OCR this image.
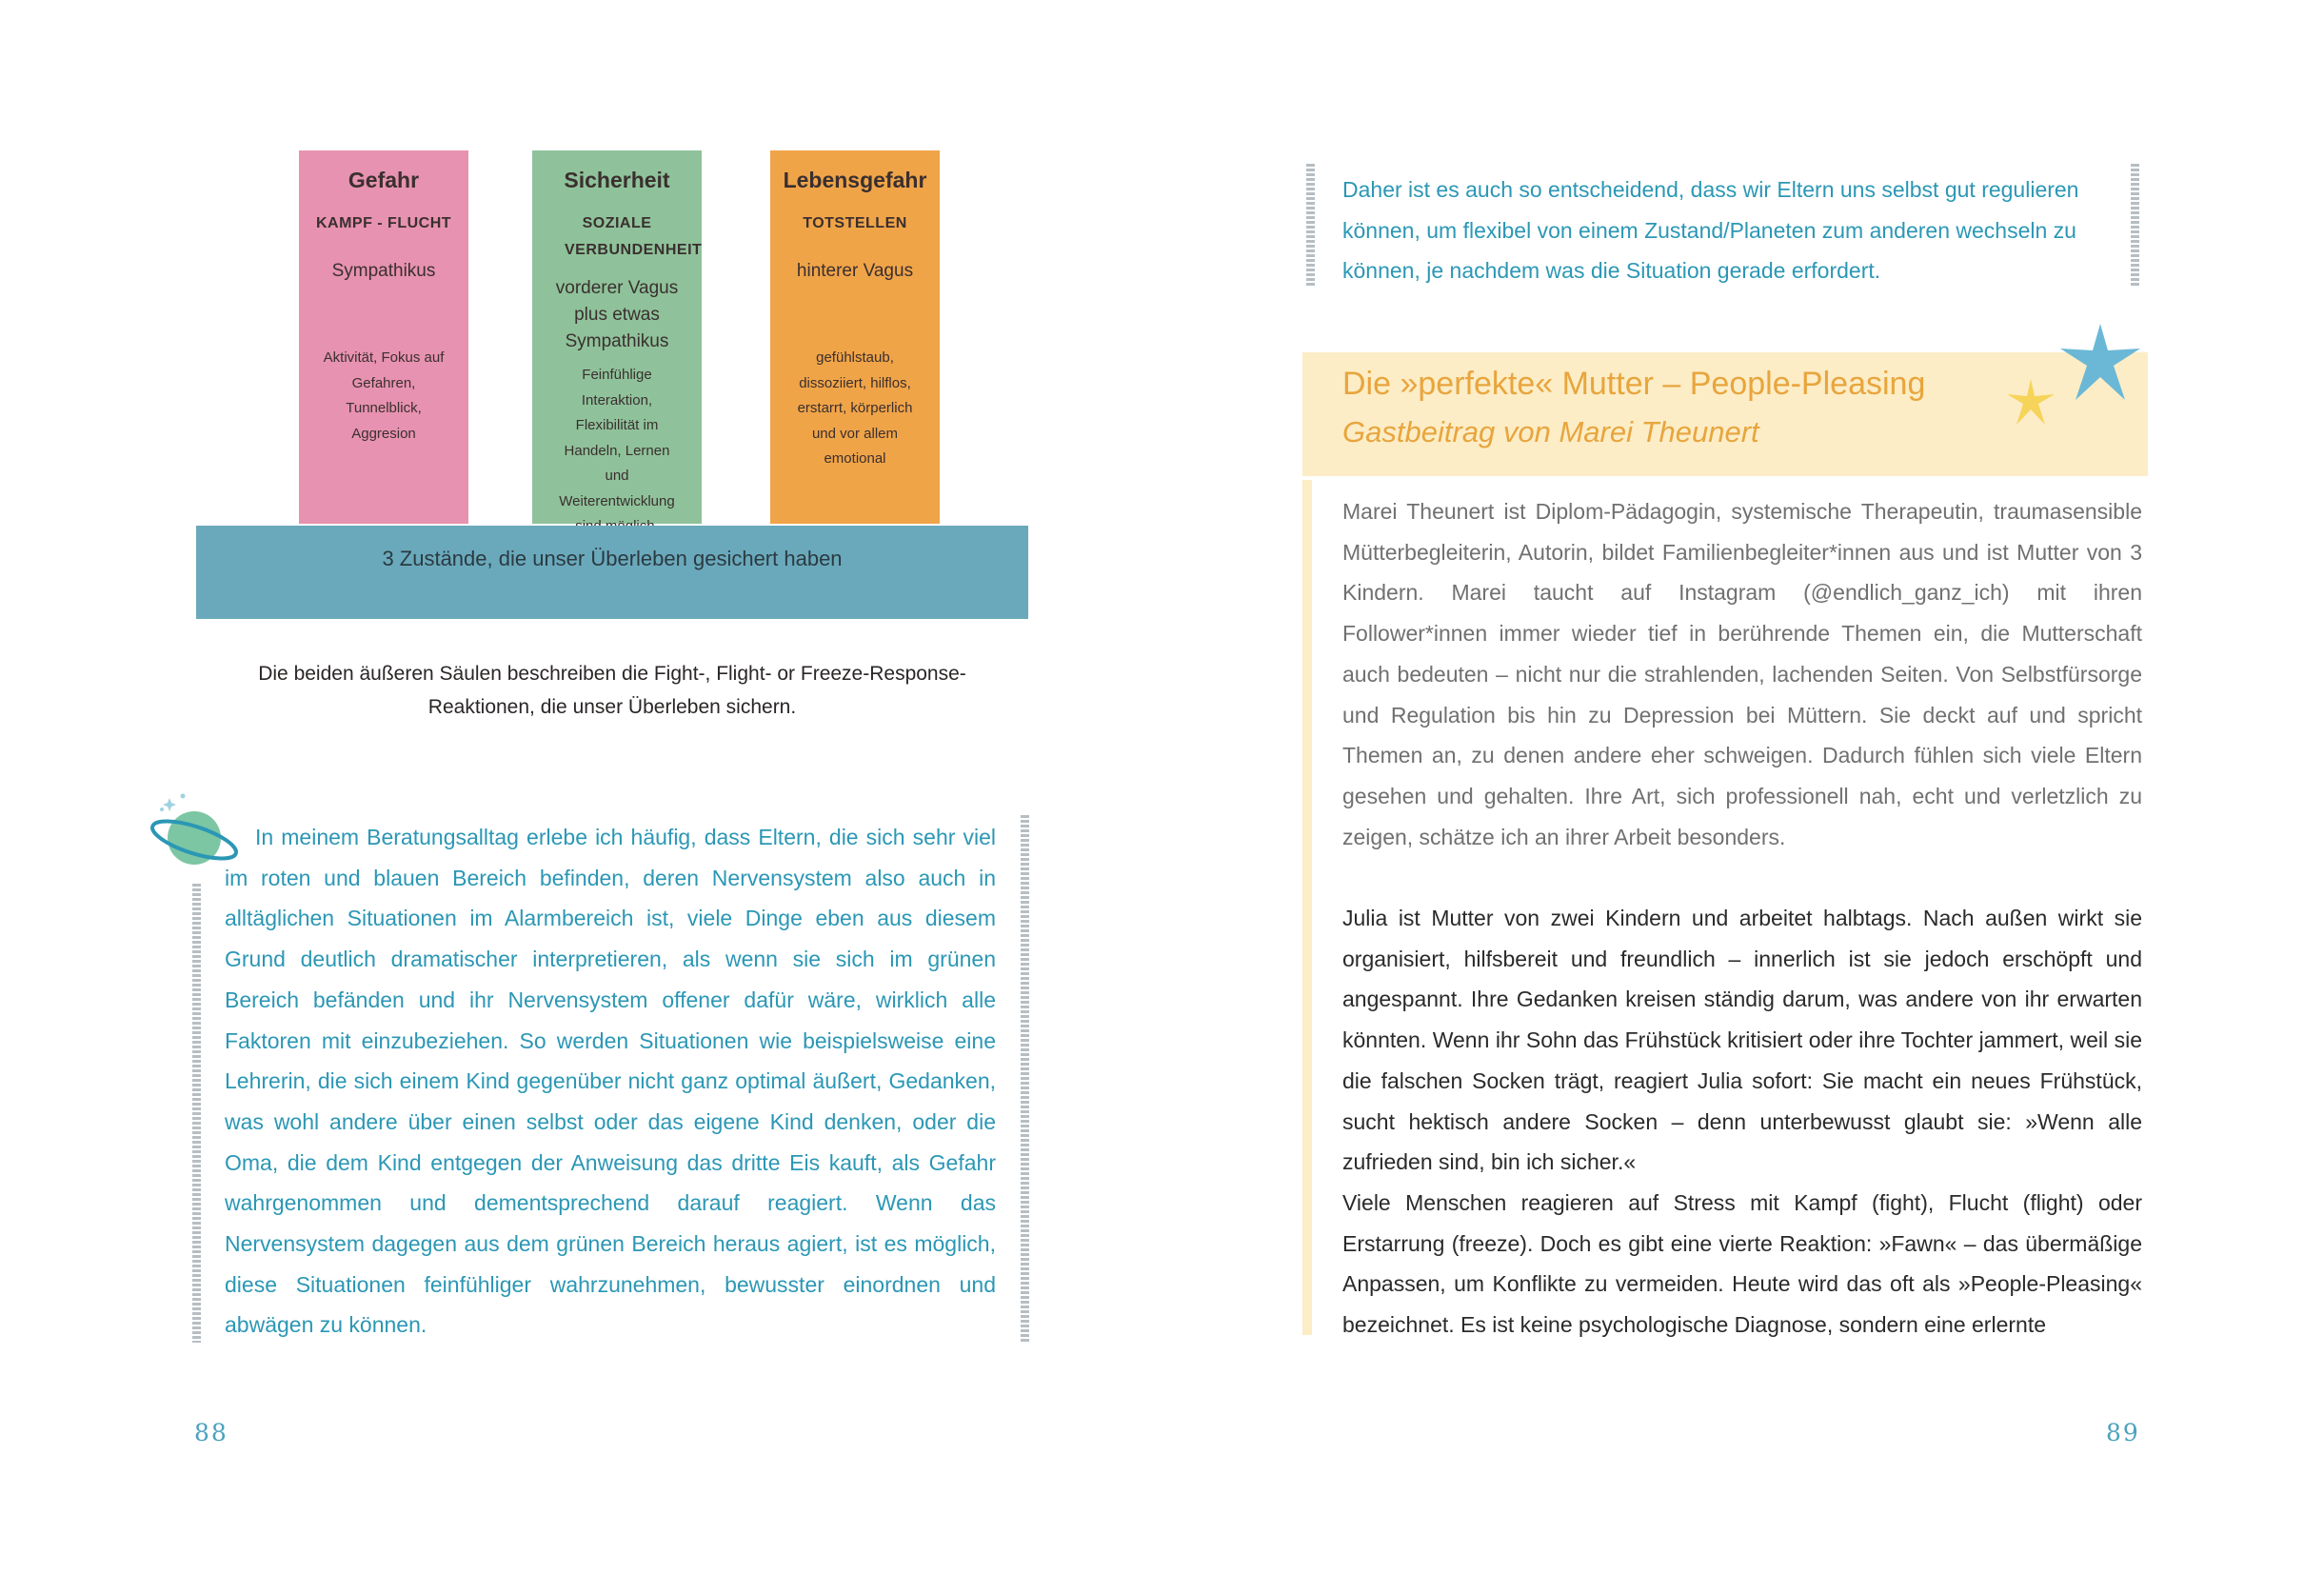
Gefahr
KAMPF - FLUCHT
Sympathikus
Aktivität, Fokus auf Gefahren, Tunnelblick, Aggresion
Sicherheit
SOZIALE VERBUNDENHEIT
vorderer Vagus plus etwas Sympathikus
Feinfühlige Interaktion, Flexibilität im Handeln, Lernen und Weiterentwicklung
Lebensgefahr
TOTSTELLEN
hinterer Vagus
gefühlstaub, dissoziiert, hilflos, erstarrt, körperlich und vor allem emotional
3 Zustände, die unser Überleben gesichert haben
Die beiden äußeren Säulen beschreiben die Fight-, Flight- or Freeze-Response-Reaktionen, die unser Überleben sichern.
In meinem Beratungsalltag erlebe ich häufig, dass Eltern, die sich sehr viel im roten und blauen Bereich befinden, deren Nervensystem also auch in alltäglichen Situationen im Alarmbereich ist, viele Dinge eben aus diesem Grund deutlich dramatischer interpretieren, als wenn sie sich im grünen Bereich befänden und ihr Nervensystem offener dafür wäre, wirklich alle Faktoren mit einzubeziehen. So werden Situationen wie beispielsweise eine Lehrerin, die sich einem Kind gegenüber nicht ganz optimal äußert, Gedanken, was wohl andere über einen selbst oder das eigene Kind denken, oder die Oma, die dem Kind entgegen der Anweisung das dritte Eis kauft, als Gefahr wahrgenommen und dementsprechend darauf reagiert. Wenn das Nervensystem dagegen aus dem grünen Bereich heraus agiert, ist es möglich, diese Situationen feinfühliger wahrzunehmen, bewusster einordnen und abwägen zu können.
88
Daher ist es auch so entscheidend, dass wir Eltern uns selbst gut regulieren können, um flexibel von einem Zustand/Planeten zum anderen wechseln zu können, je nachdem was die Situation gerade erfordert.
Die »perfekte« Mutter – People-Pleasing
Gastbeitrag von Marei Theunert
Marei Theunert ist Diplom-Pädagogin, systemische Therapeutin, traumasensible Mütterbegleiterin, Autorin, bildet Familienbegleiter*innen aus und ist Mutter von 3 Kindern. Marei taucht auf Instagram (@endlich_ganz_ich) mit ihren Follower*innen immer wieder tief in berührende Themen ein, die Mutterschaft auch bedeuten – nicht nur die strahlenden, lachenden Seiten. Von Selbstfürsorge und Regulation bis hin zu Depression bei Müttern. Sie deckt auf und spricht Themen an, zu denen andere eher schweigen. Dadurch fühlen sich viele Eltern gesehen und gehalten. Ihre Art, sich professionell nah, echt und verletzlich zu zeigen, schätze ich an ihrer Arbeit besonders.

Julia ist Mutter von zwei Kindern und arbeitet halbtags. Nach außen wirkt sie organisiert, hilfsbereit und freundlich – innerlich ist sie jedoch erschöpft und angespannt. Ihre Gedanken kreisen ständig darum, was andere von ihr erwarten könnten. Wenn ihr Sohn das Frühstück kritisiert oder ihre Tochter jammert, weil sie die falschen Socken trägt, reagiert Julia sofort: Sie macht ein neues Frühstück, sucht hektisch andere Socken – denn unterbewusst glaubt sie: »Wenn alle zufrieden sind, bin ich sicher.«

Viele Menschen reagieren auf Stress mit Kampf (fight), Flucht (flight) oder Erstarrung (freeze). Doch es gibt eine vierte Reaktion: »Fawn« – das übermäßige Anpassen, um Konflikte zu vermeiden. Heute wird das oft als »People-Pleasing« bezeichnet. Es ist keine psychologische Diagnose, sondern eine erlernte

89
